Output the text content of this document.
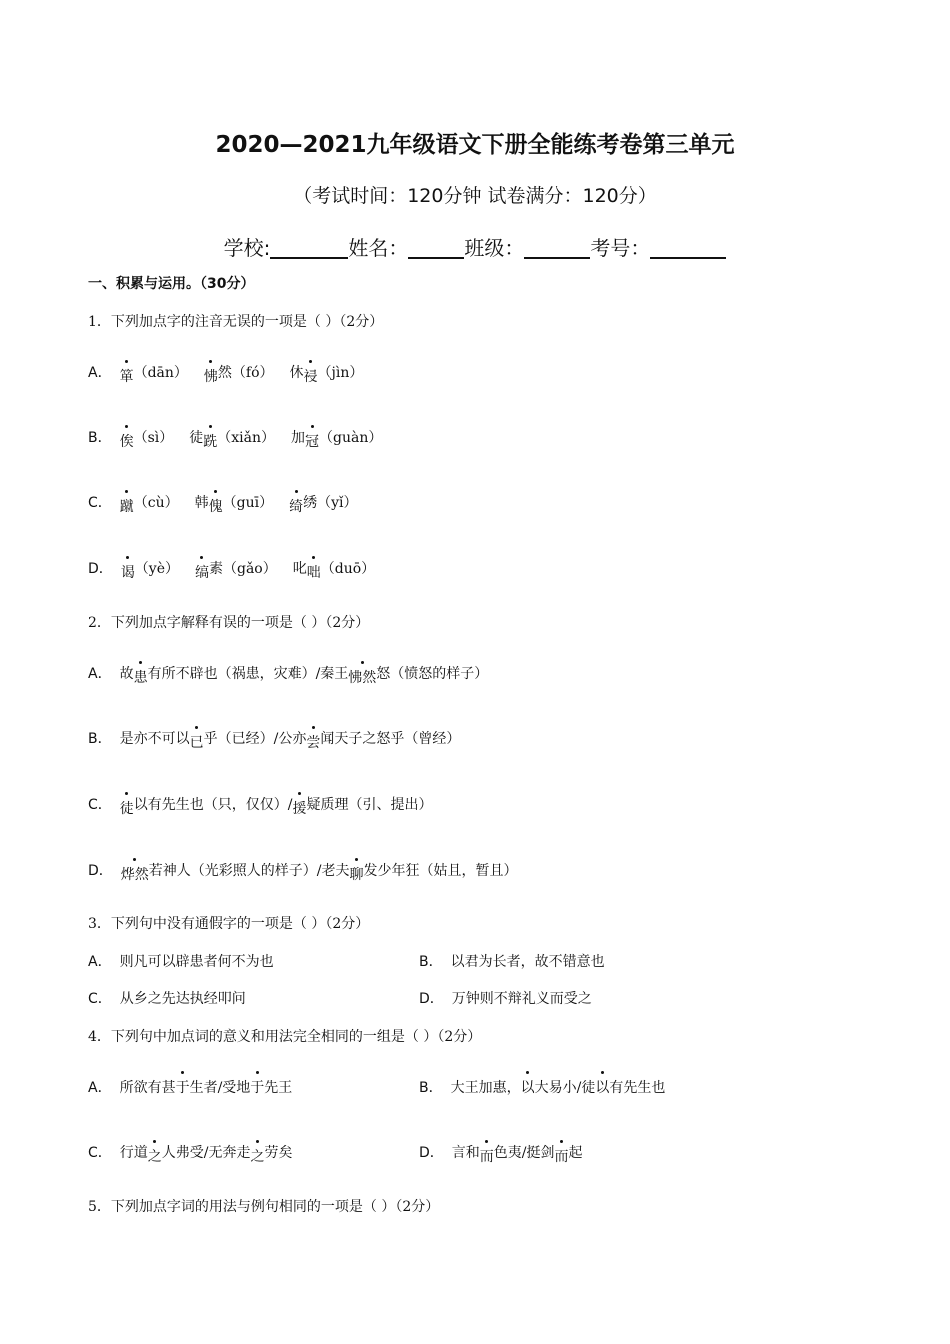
2020—2021九年级语文下册全能练考卷第三单元
（考试时间：120分钟 试卷满分：120分）
学校:	姓名：	班级：	考号：
一、积累与运用。（30分）
1．下列加点字的注音无误的一项是（ ）（2分）
A． 箪（dān） 怫然（fó） 休祲（jìn）
B． 俟（sì） 徒跣（xiǎn） 加冠（guàn）
C． 蹴（cù） 韩傀（guī） 绮绣（yǐ）
D． 谒（yè） 缟素（gǎo） 叱咄（duō）
2．下列加点字解释有误的一项是（ ）（2分）
A． 故患有所不辟也（祸患，灾难）/秦王怫然怒（愤怒的样子）
B． 是亦不可以已乎（已经）/公亦尝闻天子之怒乎（曾经）
C． 徒以有先生也（只，仅仅）/援疑质理（引、提出）
D． 烨然若神人（光彩照人的样子）/老夫聊发少年狂（姑且，暂且）
3．下列句中没有通假字的一项是（ ）（2分）
A． 则凡可以辟患者何不为也	B． 以君为长者，故不错意也
C． 从乡之先达执经叩问	D． 万钟则不辩礼义而受之
4．下列句中加点词的意义和用法完全相同的一组是（ ）（2分）
A． 所欲有甚于生者/受地于先王	B． 大王加惠，以大易小/徒以有先生也
C． 行道之人弗受/无奔走之劳矣	D． 言和而色夷/挺剑而起
5．下列加点字词的用法与例句相同的一项是（ ）（2分）
